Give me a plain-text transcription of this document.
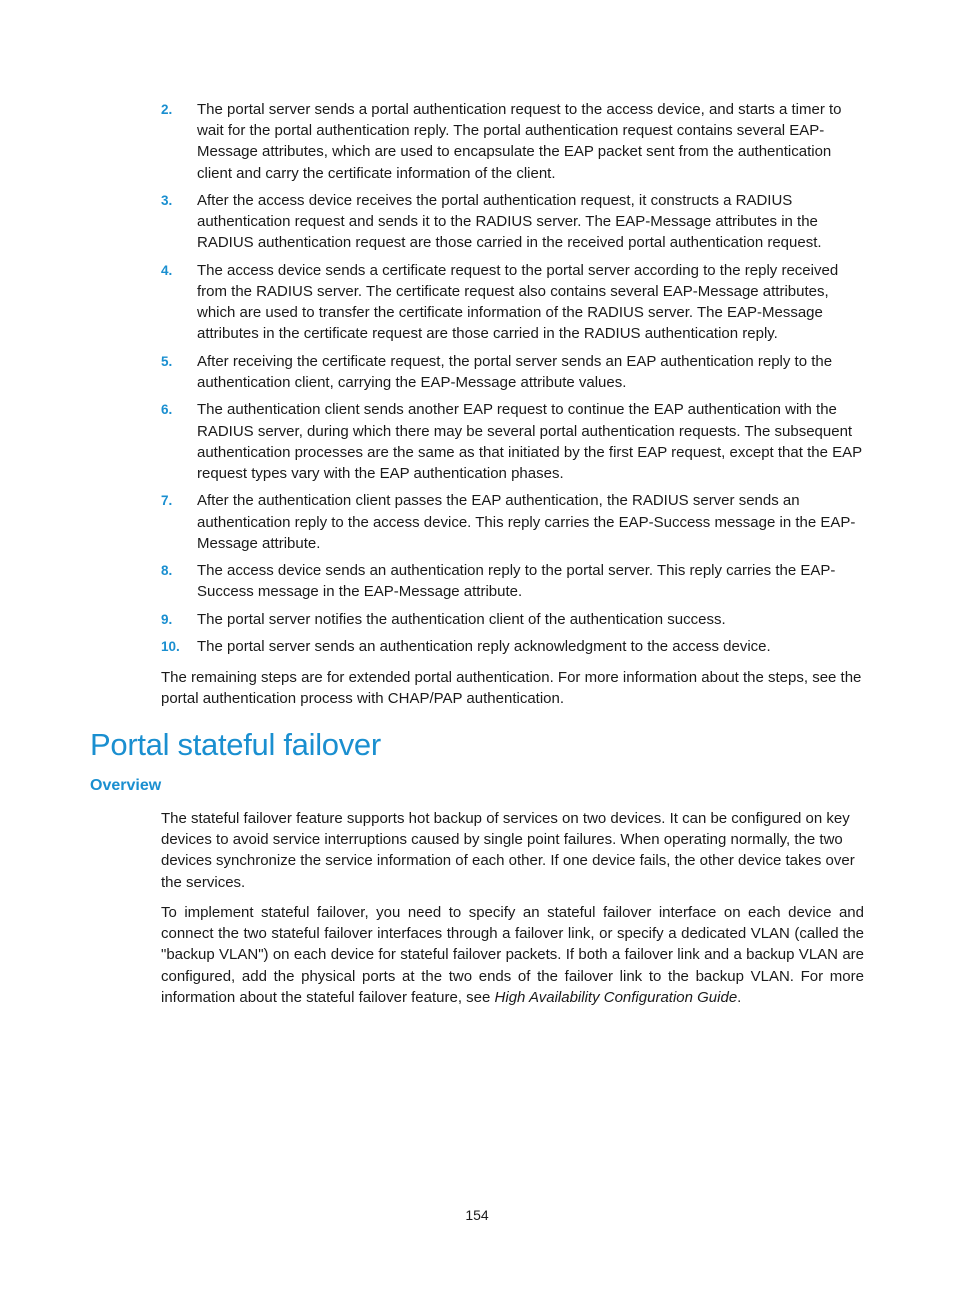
2. The portal server sends a portal authentication request to the access device, and starts a timer to wait for the portal authentication reply. The portal authentication request contains several EAP-Message attributes, which are used to encapsulate the EAP packet sent from the authentication client and carry the certificate information of the client.
3. After the access device receives the portal authentication request, it constructs a RADIUS authentication request and sends it to the RADIUS server. The EAP-Message attributes in the RADIUS authentication request are those carried in the received portal authentication request.
4. The access device sends a certificate request to the portal server according to the reply received from the RADIUS server. The certificate request also contains several EAP-Message attributes, which are used to transfer the certificate information of the RADIUS server. The EAP-Message attributes in the certificate request are those carried in the RADIUS authentication reply.
5. After receiving the certificate request, the portal server sends an EAP authentication reply to the authentication client, carrying the EAP-Message attribute values.
6. The authentication client sends another EAP request to continue the EAP authentication with the RADIUS server, during which there may be several portal authentication requests. The subsequent authentication processes are the same as that initiated by the first EAP request, except that the EAP request types vary with the EAP authentication phases.
7. After the authentication client passes the EAP authentication, the RADIUS server sends an authentication reply to the access device. This reply carries the EAP-Success message in the EAP-Message attribute.
8. The access device sends an authentication reply to the portal server. This reply carries the EAP-Success message in the EAP-Message attribute.
9. The portal server notifies the authentication client of the authentication success.
10. The portal server sends an authentication reply acknowledgment to the access device.

The remaining steps are for extended portal authentication. For more information about the steps, see the portal authentication process with CHAP/PAP authentication.

Portal stateful failover
Overview

The stateful failover feature supports hot backup of services on two devices. It can be configured on key devices to avoid service interruptions caused by single point failures. When operating normally, the two devices synchronize the service information of each other. If one device fails, the other device takes over the services.

To implement stateful failover, you need to specify an stateful failover interface on each device and connect the two stateful failover interfaces through a failover link, or specify a dedicated VLAN (called the "backup VLAN") on each device for stateful failover packets. If both a failover link and a backup VLAN are configured, add the physical ports at the two ends of the failover link to the backup VLAN. For more information about the stateful failover feature, see High Availability Configuration Guide.

154
